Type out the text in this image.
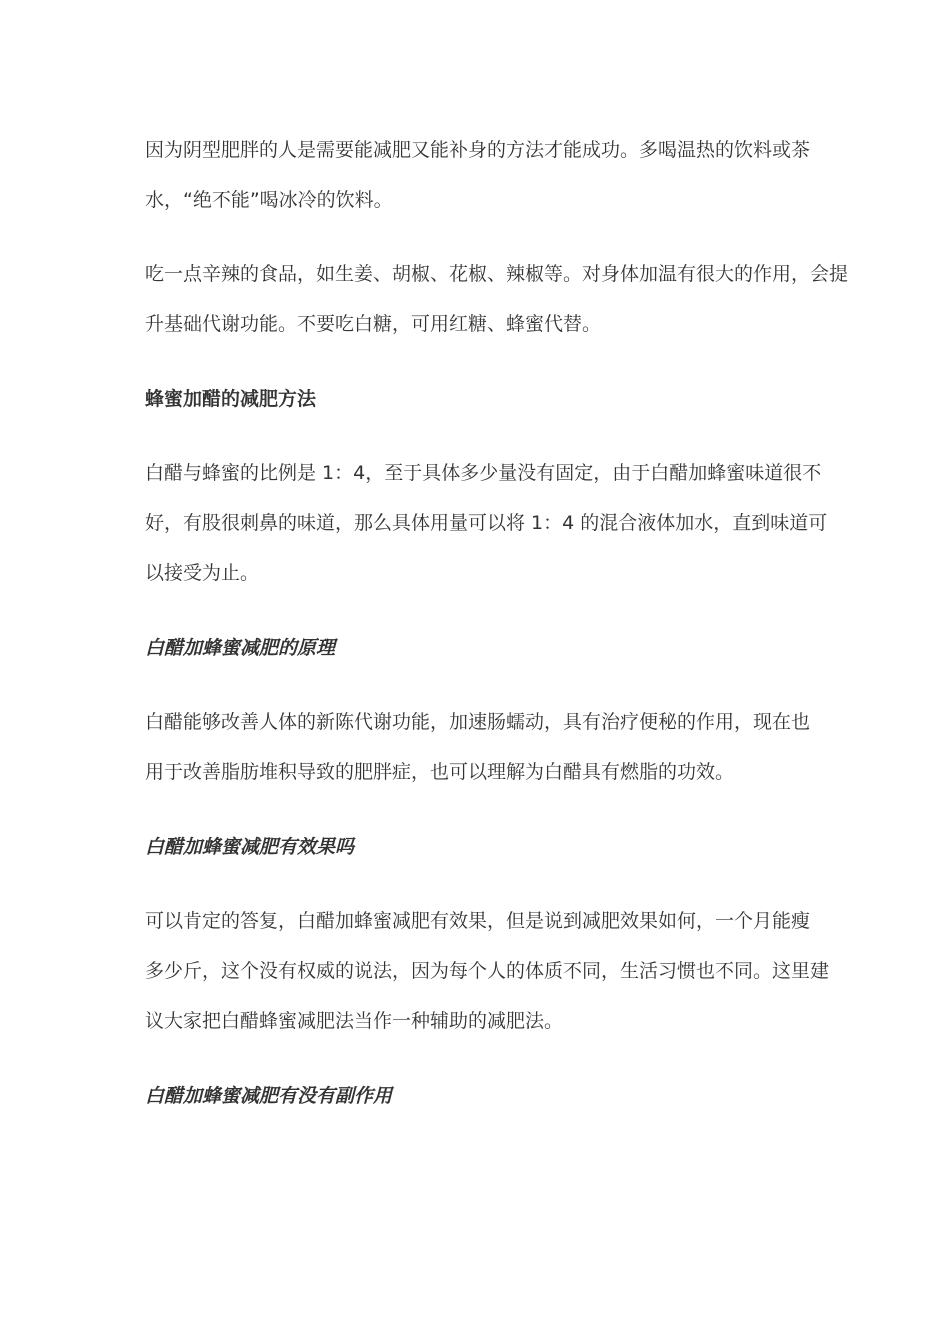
因为阴型肥胖的人是需要能减肥又能补身的方法才能成功。多喝温热的饮料或茶
水，“绝不能”喝冰冷的饮料。
吃一点辛辣的食品，如生姜、胡椒、花椒、辣椒等。对身体加温有很大的作用，会提
升基础代谢功能。不要吃白糖，可用红糖、蜂蜜代替。
蜂蜜加醋的减肥方法
白醋与蜂蜜的比例是 1：4，至于具体多少量没有固定，由于白醋加蜂蜜味道很不
好，有股很刺鼻的味道，那么具体用量可以将 1：4 的混合液体加水，直到味道可
以接受为止。
白醋加蜂蜜减肥的原理
白醋能够改善人体的新陈代谢功能，加速肠蠕动，具有治疗便秘的作用，现在也
用于改善脂肪堆积导致的肥胖症，也可以理解为白醋具有燃脂的功效。
白醋加蜂蜜减肥有效果吗
可以肯定的答复，白醋加蜂蜜减肥有效果，但是说到减肥效果如何，一个月能瘦
多少斤，这个没有权威的说法，因为每个人的体质不同，生活习惯也不同。这里建
议大家把白醋蜂蜜减肥法当作一种辅助的减肥法。
白醋加蜂蜜减肥有没有副作用
